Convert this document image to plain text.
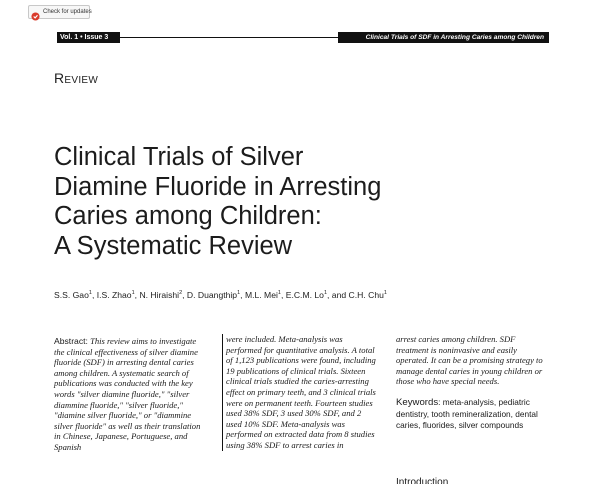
Check for updates
Vol. 1 • Issue 3	Clinical Trials of SDF in Arresting Caries among Children
Review
Clinical Trials of Silver
Diamine Fluoride in Arresting
Caries among Children:
A Systematic Review
S.S. Gao$^1$, I.S. Zhao$^1$, N. Hiraishi$^2$, D. Duangthip$^1$, M.L. Mei$^1$, E.C.M. Lo$^1$, and C.H. Chu$^1$
Abstract: This review aims to investigate the clinical effectiveness of silver diamine fluoride (SDF) in arresting dental caries among children. A systematic search of publications was conducted with the key words "silver diamine fluoride," "silver diammine fluoride," "silver fluoride," "diamine silver fluoride," or "diammine silver fluoride" as well as their translation in Chinese, Japanese, Portuguese, and Spanish
were included. Meta-analysis was performed for quantitative analysis. A total of 1,123 publications were found, including 19 publications of clinical trials. Sixteen clinical trials studied the caries-arresting effect on primary teeth, and 3 clinical trials were on permanent teeth. Fourteen studies used 38% SDF, 3 used 30% SDF, and 2 used 10% SDF. Meta-analysis was performed on extracted data from 8 studies using 38% SDF to arrest caries in
arrest caries among children. SDF treatment is noninvasive and easily operated. It can be a promising strategy to manage dental caries in young children or those who have special needs.
Keywords: meta-analysis, pediatric dentistry, tooth remineralization, dental caries, fluorides, silver compounds
Introduction
